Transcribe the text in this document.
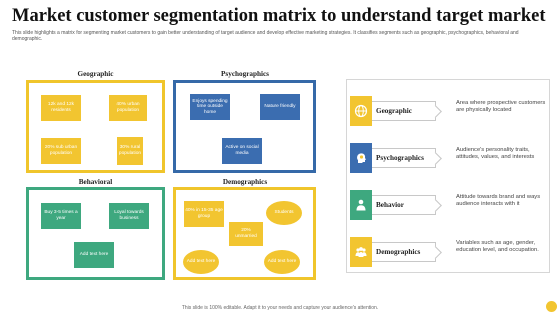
Market customer segmentation matrix to understand target market
This slide highlights a matrix for segmenting market customers to gain better understanding of target audience and develop effective marketing strategies. It classifies segments such as geographic, psychographics, behavioral and demographic.
Geographic
12k and 12k residents
40% urban population
20% sub urban population
30% rural population
Psychographics
Enjoys spending time outside home
Nature friendly
Active on social media
Behavioral
Buy 3-5 times a year
Loyal towards business
Add text here
Demographics
40% in 15-35 age group
Students
20% unmarried
Add text here	Add text here
Geographic
Area where prospective customers are physically located
Psychographics
Audience's personality traits, attitudes, values, and interests
Behavior
Attitude towards brand and ways audience interacts with it
Demographics
Variables such as age, gender, education level, and occupation.
This slide is 100% editable. Adapt it to your needs and capture your audience's attention.
